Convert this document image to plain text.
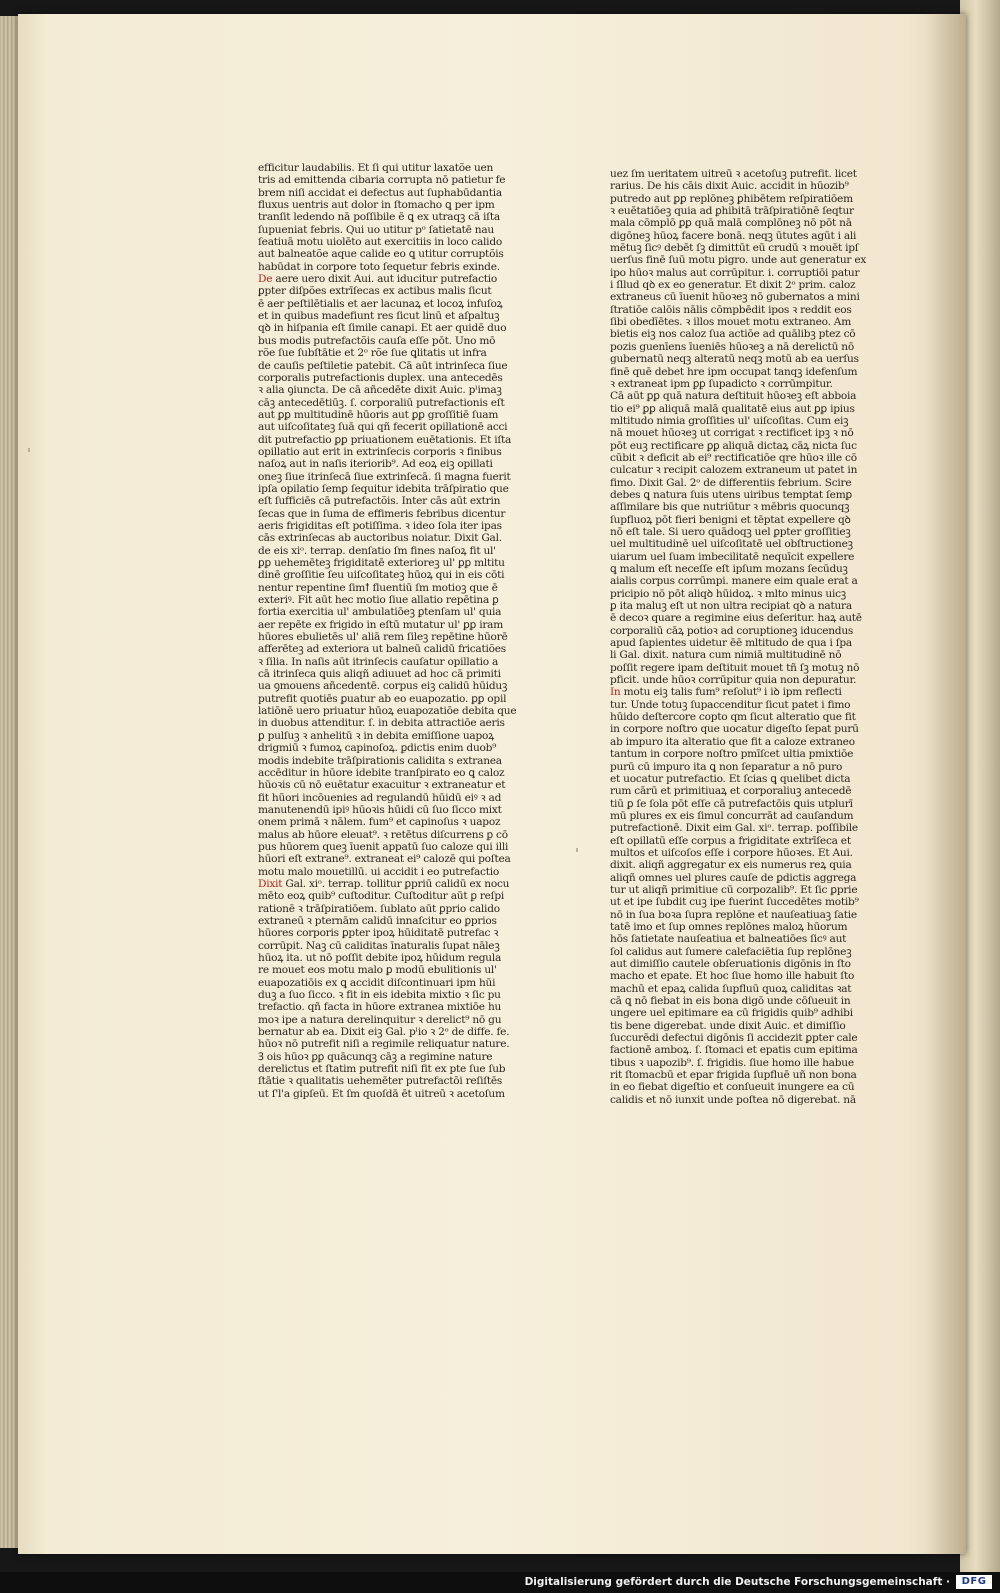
efficitur laudabilis. Et ſi qui utitur laxatõe uen
tris ad emittenda cibaria corrupta nō patietur fe
brem niſi accidat ei defectus aut ſuphabūdantia
fluxus uentris aut dolor in ſtomacho ꝗ per ipm
tranſit ledendo nā poſſibile ē ꝗ ex utraqꝫ cā iſta
ſupueniat febris. Qui uo utitur pᵒ ſatietatē nau
ſeatiuā motu uiolēto aut exercitiis in loco calido
aut balneatõe aque calide eo ꝗ utitur corruptõis
habūdat in corpore toto ſequetur febris exinde.
De aere uero dixit Aui. aut iducitur putrefactio
ꝑpter diſpões extrīſecas ex actibus malis ſicut
ē aer peſtilētialis et aer lacunaꝝ et locoꝝ infuſoꝝ
et in quibus madefiunt res ſicut linū et aſpaltuꝫ
qꝺ in hiſpania eſt ſimile canapi. Et aer quidē duo
bus modis putrefactõis cauſa eſſe pōt. Uno mō
rõe ſue ſubſtātie et 2ᵒ rõe ſue ꝗlitatis ut infra
de cauſis peſtiletie patebit. Cā aūt intrinſeca ſiue
corporalis putrefactionis duplex. una antecedēs
ꝛ alia ꝯiuncta. De cā añcedēte dixit Auic. pˡimaꝫ
cāꝫ antecedētiūꝫ. ſ. corporaliū putrefactionis eſt
aut ꝑꝑ multitudinē hūoris aut ꝑꝑ groſſitiē ſuam
aut uiſcoſitateꝫ ſuā qui qñ fecerit opillationē acci
dit putrefactio ꝑꝑ priuationem euētationis. Et iſta
opillatio aut erit in extrinſecis corporis ꝛ finibus
naſoꝝ aut in naſis iteriorib⁹. Ad eoꝝ eiꝫ opillati
oneꝫ ſiue itrinſecā ſiue extrinſecā. ſi magna fuerit
ipſa opilatio ſemꝑ ſequitur idebita trāſpiratio que
eſt ſufficiēs cā putrefactõis. Inter cās aūt extrin
ſecas que in ſuma de effimeris febribus dicentur
aeris frigiditas eſt potiſſima. ꝛ ideo ſola iter ipas
cās extrinſecas ab auctoribus noiatur. Dixit Gal.
de eis xiᵒ. terrap. denſatio ſm fines naſoꝝ fit ul'
ꝑꝑ uehemēteꝫ frigiditatē exterioreꝫ ul' ꝑꝑ mltitu
dinē groſſitie ſeu uiſcoſitateꝫ hūoꝝ qui in eis cōti
nentur repentine ſimꝉ fluentiū ſm motioꝫ que ē
exteriꝰ. Fit aūt hec motio ſiue allatio repētina ꝑ
fortia exercitia ul' ambulatiōeꝫ ꝑtenſam ul' quia
aer repēte ex frigido in eſtū mutatur ul' ꝑꝑ iram
hūores ebulietēs ul' aliā rem ſileꝫ repētine hūorē
afferēteꝫ ad exteriora ut balneū calidū fricatiões
ꝛ ſilia. In naſis aūt itrinſecis cauſatur opillatio a
cā itrinſeca ꝗuis aliqñ adiuuet ad hoc cā primiti
ua ꝯmouens añcedentē. corpus eiꝫ calidū hūiduꝫ
putrefit quotiēs ꝑuatur ab eo euapozatio. ꝑꝑ opil
latiōnē uero priuatur hūoꝝ euapozatiōe debita que
in duobus attenditur. ſ. in debita attractiōe aeris
ꝑ pulſuꝫ ꝛ anhelitū ꝛ in debita emiſſione uapoꝝ
drigmiū ꝛ fumoꝝ capinoſoꝝ. ꝑdictis enim duob⁹
modis indebite trāſpirationis calidita s extranea
accēditur in hūore idebite tranſpirato eo ꝗ caloz
hūoꝛis cū nō euētatur exacuitur ꝛ extraneatur et
fit hūori incōuenies ad regulandū hūidū eiꝰ ꝛ ad
manutenendū ipiꝰ hūoꝛis hūidi cū ſuo ſicco mixt
onem primā ꝛ nālem. fum⁹ et capinoſus ꝛ uapoz
malus ab hūore eleuat⁹. ꝛ retētus diſcurrens ꝑ cō
pus hūorem queꝫ īuenit appatū ſuo caloze qui illi
hūori eſt extrane⁹. extraneat ei⁹ calozē qui poſtea
motu malo mouetillū. ui accidit i eo putrefactio
Dixit Gal. xiᵒ. terrap. tollitur ꝑpriū calidū ex nocu
mēto eoꝝ quib⁹ cuſtoditur. Cuſtoditur aūt ꝑ reſpi
rationē ꝛ trāſpiratiōem. ſublato aūt ꝑprio calido
extraneū ꝛ pternām calidū innaſcitur eo ꝑprios
hūores corporis ꝑpter ipoꝝ hūiditatē putrefac ꝛ
corrūpit. Naꝫ cū caliditas īnaturalis ſupat nāleꝫ
hūoꝝ ita. ut nō poſſit debite ipoꝝ hūidum regula
re mouet eos motu malo ꝑ modū ebulitionis ul'
euapozatiōis ex ꝗ accidit diſcontinuari ipm hūi
duꝫ a ſuo ſicco. ꝛ fit in eis idebita mixtio ꝛ ſic pu
trefactio. qñ facta in hūore extranea mixtiōe hu
moꝛ ipe a natura derelinquitur ꝛ derelict⁹ nō gu
bernatur ab ea. Dixit eiꝫ Gal. pˡio ꝛ 2ᵒ de diffe. fe.
hūoꝛ nō putrefit niſi a regimile reliquatur nature.
Ꝫ ois hūoꝛ ꝑꝑ quācunqꝫ cāꝫ a regimine nature
derelictus et ſtatim putrefit niſi fit ex pte ſue ſub
ſtātie ꝛ qualitatis uehemēter putrefactōi reſiſtēs
ut ſ'l'a gipſeū. Et ſm quoſdā ēt uitreū ꝛ acetoſum
uez ſm ueritatem uitreū ꝛ acetoſuꝫ putrefit. licet
rarius. De his cāis dixit Auic. accidit in hūozib⁹
putredo aut ꝑꝑ replōneꝫ ꝑhibētem reſpiratiōem
ꝛ euētatiōeꝫ quia ad ꝑhibitā trāſpiratiōnē ſeqtur
mala cōmplō ꝑꝑ quā malā complōneꝫ nō pōt nā
digōneꝫ hūoꝝ facere bonā. neqꝫ ūtutes agūt i ali
mētuꝫ ſicꝰ debēt ſꝫ dimittūt eū crudū ꝛ mouēt ipſ
uerſus finē ſuū motu pigro. unde aut generatur ex
ipo hūoꝛ malus aut corrūpitur. i. corruptiōi patur
i ſllud qꝺ ex eo generatur. Et dixit 2ᵒ prim. caloz
extraneus cū īuenit hūoꝛeꝫ nō gubernatos a mini
ſtratiōe calōis nālis cōmpbēdit ipos ꝛ reddit eos
ſibi obedīētes. ꝛ illos mouet motu extraneo. Am
bietis eiꝫ nos caloz ſua actiōe ad quālibꝫ ptez cō
pozis guenīens īueniēs hūoꝛeꝫ a nā derelictū nō
gubernatū neqꝫ alteratū neqꝫ motū ab ea uerſus
finē quē debet hre ipm occupat tanqꝫ idefenſum
ꝛ extraneat ipm ꝑꝑ ſupadicto ꝛ corrūmpitur.
Cā aūt ꝑꝑ quā natura deſtituit hūoꝛeꝫ eſt abboia
tio ei⁹ ꝑꝑ aliquā malā qualitatē eius aut ꝑꝑ ipius
mltitudo nimia groſſities ul' uiſcoſitas. Cum eiꝫ
nā mouet hūoꝛeꝫ ut corrigat ꝛ rectificet ipꝫ ꝛ nō
pōt euꝫ rectificare ꝑꝑ aliquā dictaꝝ cāꝝ nicta ſuc
cūbit ꝛ deficit ab ei⁹ rectificatiōe qre hūoꝛ ille cō
culcatur ꝛ recipit calozem extraneum ut patet in
fimo. Dixit Gal. 2ᵒ de differentiis febrium. Scire
debes ꝗ natura ſuis utens uiribus temptat ſemꝑ
aſſimilare bis que nutriūtur ꝛ mēbris quocunqꝫ
ſupfluoꝝ pōt fieri benigni et tēptat expellere qꝺ
nō eſt tale. Si uero quādoqꝫ uel ꝑpter groſſitieꝫ
uel multitudinē uel uiſcoſitatē uel obſtructioneꝫ
uiarum uel ſuam imbecilitatē nequīcit expellere
ꝗ malum eſt neceſſe eſt ipſum mozans ſecūduꝫ
aialis corpus corrūmpi. manere eim quale erat a
pricipio nō pōt aliqꝺ hūidoꝝ. ꝛ mlto minus uicꝫ
ꝑ ita maluꝫ eſt ut non ultra recipiat qꝺ a natura
ē decoꝛ quare a regimine eius deſeritur. haꝝ autē
corporaliū cāꝝ potioꝛ ad coruptioneꝫ iducendus
apud ſapientes uidetur ēē mltitudo de qua i ſpa
li Gal. dixit. natura cum nimiā multitudinē nō
poſſit regere ipam deſtituit mouet tñ ſꝫ motuꝫ nō
pficit. unde hūoꝛ corrūpitur quia non depuratur.
In motu eiꝫ talis fum⁹ reſolut⁹ i iꝺ ipm reflecti
tur. Unde totuꝫ ſupaccenditur ſicut patet i fimo
hūido deſtercore copto qm ſicut alteratio que fit
in corpore noſtro que uocatur digeſto ſepat purū
ab impuro ita alteratio que fit a caloze extraneo
tantum in corpore noſtro pmīſcet ultia pmixtiōe
purū cū impuro ita ꝗ non ſeparatur a nō puro
et uocatur putrefactio. Et ſcias ꝗ quelibet dicta
rum cārū et primitiuaꝝ et corporaliuꝫ antecedē
tiū ꝑ ſe ſola pōt eſſe cā putrefactōis ꝗuis utplurī
mū plures ex eis ſimul concurrāt ad cauſandum
putrefactionē. Dixit eim Gal. xiᵒ. terrap. poſſibile
eſt opillatū eſſe corpus a frigiditate extrīſeca et
multos et uiſcoſos eſſe i corpore hūoꝛes. Et Aui.
dixit. aliqñ aggregatur ex eis numerus reꝝ quia
aliqñ omnes uel plures cauſe de ꝑdictis aggrega
tur ut aliqñ primitiue cū corpozalib⁹. Et ſic ꝑprie
ut et ipe ſubdit cuꝫ ipe fuerint ſuccedētes motib⁹
nō in ſua boꝛa ſupra replōne et nauſeatiuaꝫ ſatie
tatē imo et ſup omnes replōnes maloꝝ hūorum
hōs ſatietate nauſeatiua et balneatiōes ſicꝰ aut
ſol calidus aut ſumere calefaciētia ſup replōneꝫ
aut dimiſſio cautele obſeruationis digōnis in ſto
macho et epate. Et hoc ſiue homo ille habuit ſto
machū et epaꝝ calida ſupfluū quoꝝ caliditas ꝛat
cā ꝗ nō fiebat in eis bona digō unde cōſueuit in
ungere uel epitimare ea cū frigidis quib⁹ adhibi
tis bene digerebat. unde dixit Auic. et dimiſſio
ſuccurēdi defectui digōnis ſi accidezit ꝑpter cale
factionē amboꝝ. ſ. ſtomaci et epatis cum epitima
tibus ꝛ uapozib⁹. ſ. frigidis. ſiue homo ille habue
rit ſtomacbū et epar frigida ſupfluē uñ non bona
in eo fiebat digeſtio et conſueuit inungere ea cū
calidis et nō iunxit unde poſtea nō digerebat. nā
Digitalisierung gefördert durch die Deutsche Forschungsgemeinschaft ·	DFG
